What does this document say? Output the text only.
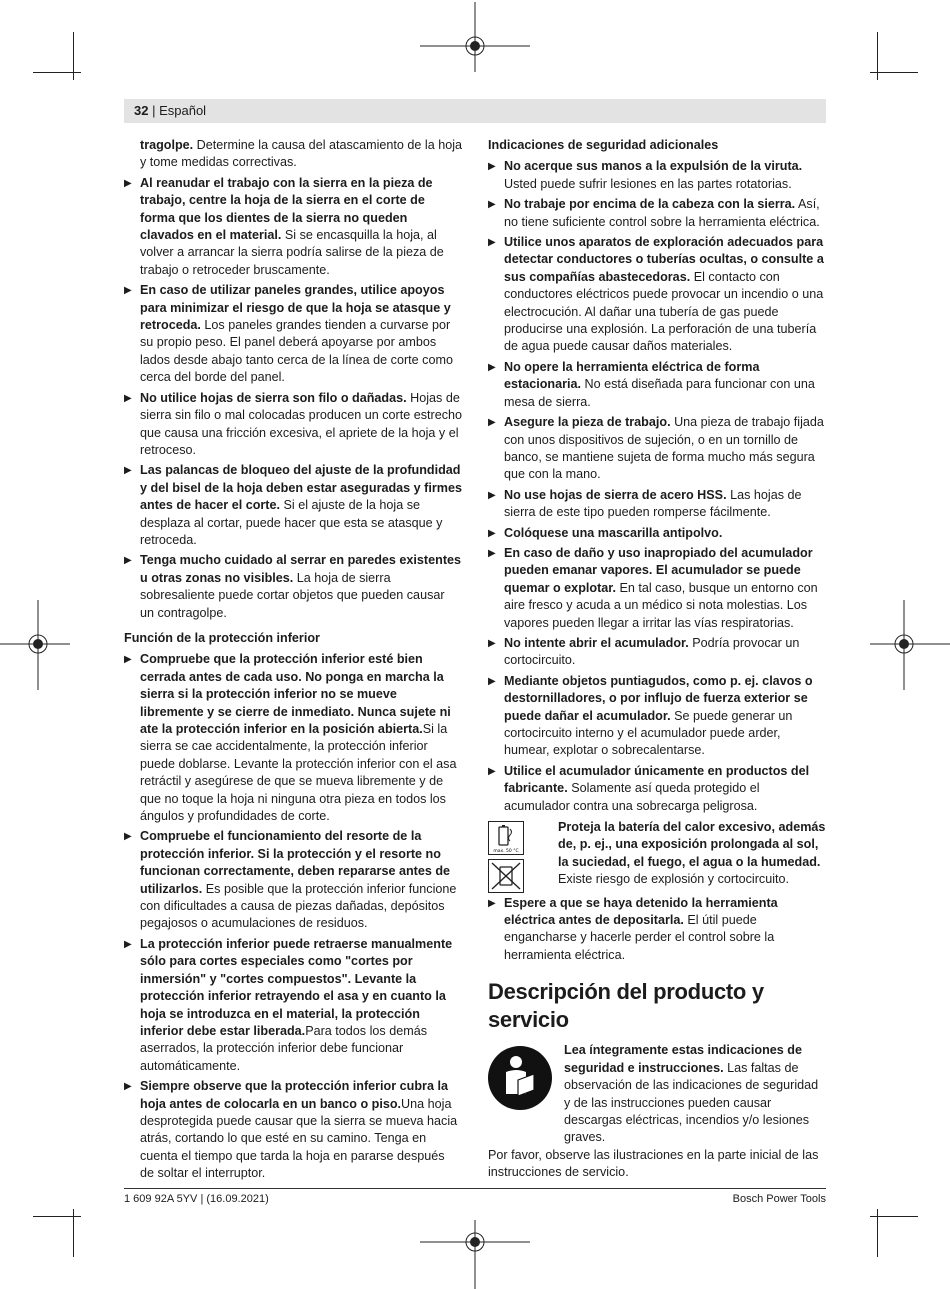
32 | Español
tragolpe. Determine la causa del atascamiento de la hoja y tome medidas correctivas.
▶ Al reanudar el trabajo con la sierra en la pieza de trabajo, centre la hoja de la sierra en el corte de forma que los dientes de la sierra no queden clavados en el material. Si se encasquilla la hoja, al volver a arrancar la sierra podría salirse de la pieza de trabajo o retroceder bruscamente.
▶ En caso de utilizar paneles grandes, utilice apoyos para minimizar el riesgo de que la hoja se atasque y retroceda. Los paneles grandes tienden a curvarse por su propio peso. El panel deberá apoyarse por ambos lados desde abajo tanto cerca de la línea de corte como cerca del borde del panel.
▶ No utilice hojas de sierra son filo o dañadas. Hojas de sierra sin filo o mal colocadas producen un corte estrecho que causa una fricción excesiva, el apriete de la hoja y el retroceso.
▶ Las palancas de bloqueo del ajuste de la profundidad y del bisel de la hoja deben estar aseguradas y firmes antes de hacer el corte. Si el ajuste de la hoja se desplaza al cortar, puede hacer que esta se atasque y retroceda.
▶ Tenga mucho cuidado al serrar en paredes existentes u otras zonas no visibles. La hoja de sierra sobresaliente puede cortar objetos que pueden causar un contragolpe.
Función de la protección inferior
▶ Compruebe que la protección inferior esté bien cerrada antes de cada uso. No ponga en marcha la sierra si la protección inferior no se mueve libremente y se cierre de inmediato. Nunca sujete ni ate la protección inferior en la posición abierta.Si la sierra se cae accidentalmente, la protección inferior puede doblarse. Levante la protección inferior con el asa retráctil y asegúrese de que se mueva libremente y de que no toque la hoja ni ninguna otra pieza en todos los ángulos y profundidades de corte.
▶ Compruebe el funcionamiento del resorte de la protección inferior. Si la protección y el resorte no funcionan correctamente, deben repararse antes de utilizarlos. Es posible que la protección inferior funcione con dificultades a causa de piezas dañadas, depósitos pegajosos o acumulaciones de residuos.
▶ La protección inferior puede retraerse manualmente sólo para cortes especiales como "cortes por inmersión" y "cortes compuestos". Levante la protección inferior retrayendo el asa y en cuanto la hoja se introduzca en el material, la protección inferior debe estar liberada.Para todos los demás aserrados, la protección inferior debe funcionar automáticamente.
▶ Siempre observe que la protección inferior cubra la hoja antes de colocarla en un banco o piso.Una hoja desprotegida puede causar que la sierra se mueva hacia atrás, cortando lo que esté en su camino. Tenga en cuenta el tiempo que tarda la hoja en pararse después de soltar el interruptor.
Indicaciones de seguridad adicionales
▶ No acerque sus manos a la expulsión de la viruta. Usted puede sufrir lesiones en las partes rotatorias.
▶ No trabaje por encima de la cabeza con la sierra. Así, no tiene suficiente control sobre la herramienta eléctrica.
▶ Utilice unos aparatos de exploración adecuados para detectar conductores o tuberías ocultas, o consulte a sus compañías abastecedoras. El contacto con conductores eléctricos puede provocar un incendio o una electrocución. Al dañar una tubería de gas puede producirse una explosión. La perforación de una tubería de agua puede causar daños materiales.
▶ No opere la herramienta eléctrica de forma estacionaria. No está diseñada para funcionar con una mesa de sierra.
▶ Asegure la pieza de trabajo. Una pieza de trabajo fijada con unos dispositivos de sujeción, o en un tornillo de banco, se mantiene sujeta de forma mucho más segura que con la mano.
▶ No use hojas de sierra de acero HSS. Las hojas de sierra de este tipo pueden romperse fácilmente.
▶ Colóquese una mascarilla antipolvo.
▶ En caso de daño y uso inapropiado del acumulador pueden emanar vapores. El acumulador se puede quemar o explotar. En tal caso, busque un entorno con aire fresco y acuda a un médico si nota molestias. Los vapores pueden llegar a irritar las vías respiratorias.
▶ No intente abrir el acumulador. Podría provocar un cortocircuito.
▶ Mediante objetos puntiagudos, como p. ej. clavos o destornilladores, o por influjo de fuerza exterior se puede dañar el acumulador. Se puede generar un cortocircuito interno y el acumulador puede arder, humear, explotar o sobrecalentarse.
▶ Utilice el acumulador únicamente en productos del fabricante. Solamente así queda protegido el acumulador contra una sobrecarga peligrosa.
max. 50 °C
Proteja la batería del calor excesivo, además de, p. ej., una exposición prolongada al sol, la suciedad, el fuego, el agua o la humedad. Existe riesgo de explosión y cortocircuito.
▶ Espere a que se haya detenido la herramienta eléctrica antes de depositarla. El útil puede engancharse y hacerle perder el control sobre la herramienta eléctrica.
Descripción del producto y servicio
Lea íntegramente estas indicaciones de seguridad e instrucciones. Las faltas de observación de las indicaciones de seguridad y de las instrucciones pueden causar descargas eléctricas, incendios y/o lesiones graves.
Por favor, observe las ilustraciones en la parte inicial de las instrucciones de servicio.
1 609 92A 5YV | (16.09.2021)	Bosch Power Tools
